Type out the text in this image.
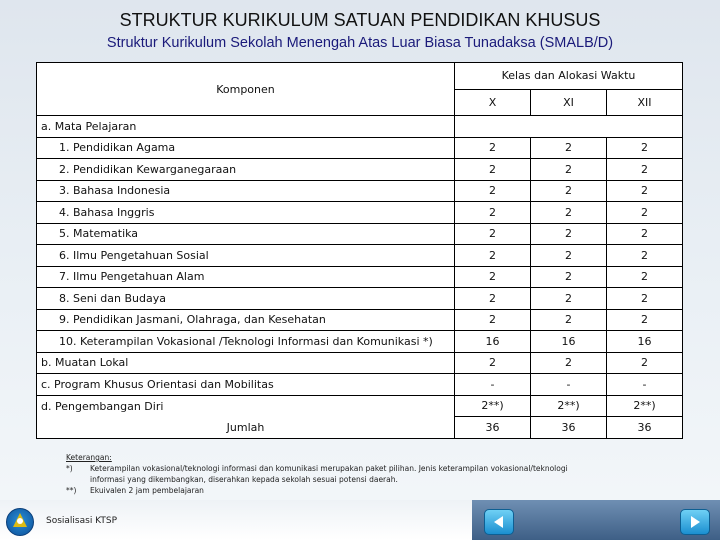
STRUKTUR KURIKULUM SATUAN PENDIDIKAN KHUSUS
Struktur Kurikulum Sekolah Menengah Atas Luar Biasa Tunadaksa (SMALB/D)
Komponen	Kelas dan Alokasi Waktu		
	X	XI	XII
a. Mata Pelajaran			
1. Pendidikan Agama	2	2	2
2. Pendidikan Kewarganegaraan	2	2	2
3. Bahasa Indonesia	2	2	2
4. Bahasa Inggris	2	2	2
5. Matematika	2	2	2
6. Ilmu Pengetahuan Sosial	2	2	2
7. Ilmu Pengetahuan Alam	2	2	2
8. Seni dan Budaya	2	2	2
9. Pendidikan Jasmani, Olahraga, dan Kesehatan	2	2	2
10. Keterampilan Vokasional /Teknologi Informasi dan Komunikasi *)	16	16	16
b. Muatan Lokal	2	2	2
c. Program Khusus Orientasi dan Mobilitas	-	-	-
d. Pengembangan Diri	2**)	2**)	2**)
Jumlah	36	36	36
Keterangan:
*)	Keterampilan vokasional/teknologi informasi dan komunikasi merupakan paket pilihan. Jenis keterampilan vokasional/teknologi
informasi yang dikembangkan, diserahkan kepada sekolah sesuai potensi daerah.
**)	Ekuivalen 2 jam pembelajaran
Sosialisasi KTSP
